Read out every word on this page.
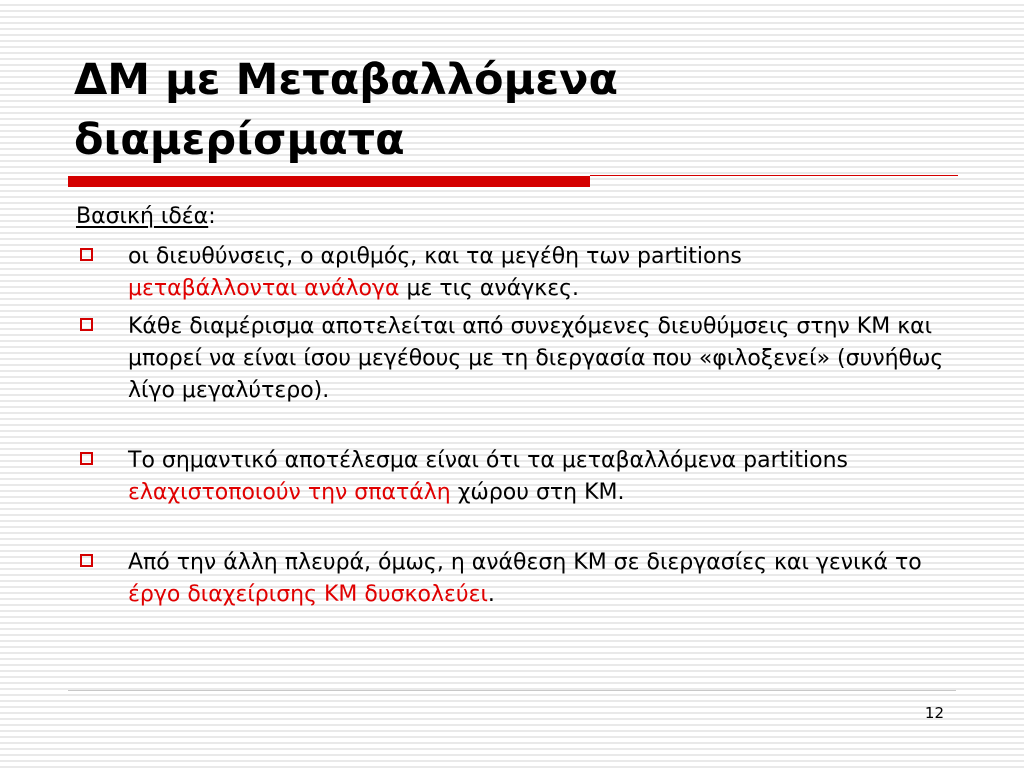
ΔΜ με Μεταβαλλόμενα
διαμερίσματα

Βασική ιδέα:

οι διευθύνσεις, ο αριθμός, και τα μεγέθη των partitions
μεταβάλλονται ανάλογα με τις ανάγκες.
Κάθε διαμέρισμα αποτελείται από συνεχόμενες διευθύμσεις στην ΚΜ και μπορεί να είναι ίσου μεγέθους με τη διεργασία που «φιλοξενεί» (συνήθως λίγο μεγαλύτερο).
Το σημαντικό αποτέλεσμα είναι ότι τα μεταβαλλόμενα partitions ελαχιστοποιούν την σπατάλη χώρου στη ΚΜ.
Από την άλλη πλευρά, όμως, η ανάθεση ΚΜ σε διεργασίες και γενικά το έργο διαχείρισης ΚΜ δυσκολεύει.
12
